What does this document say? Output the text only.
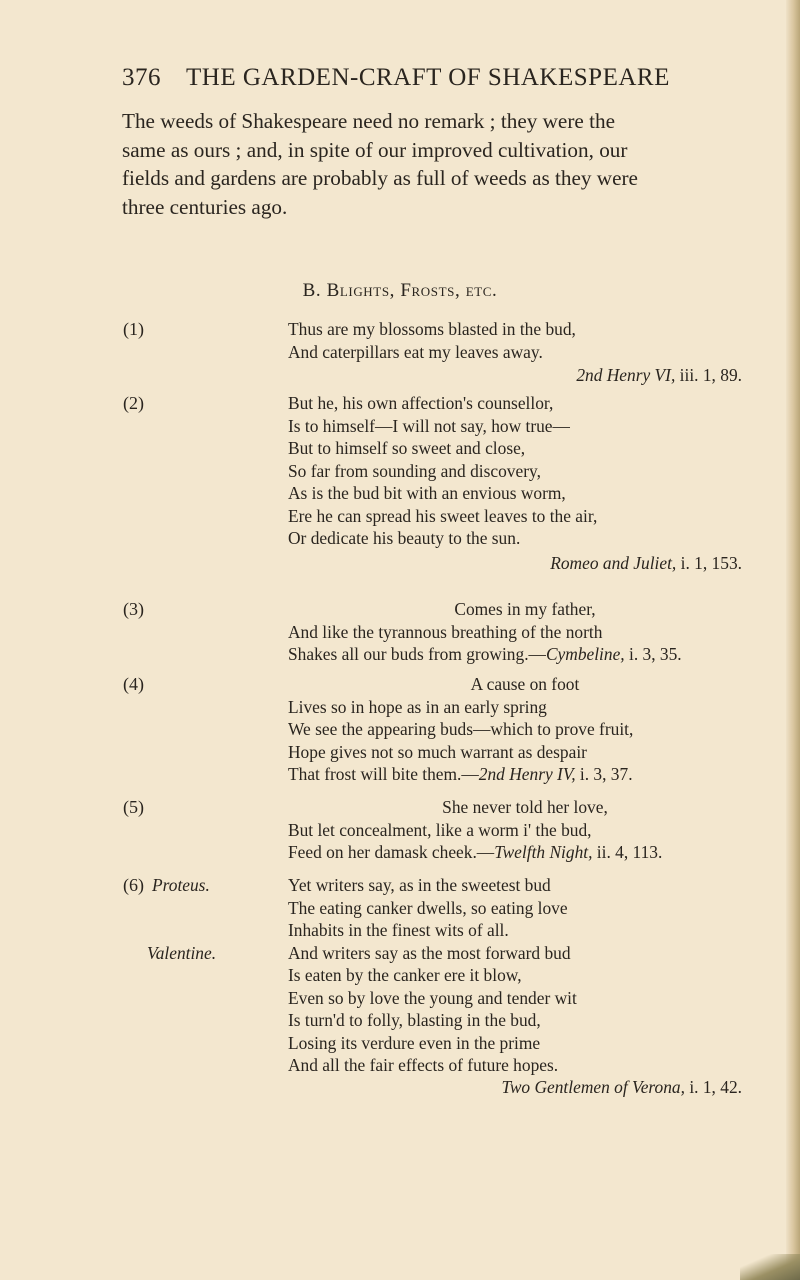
376 THE GARDEN-CRAFT OF SHAKESPEARE
The weeds of Shakespeare need no remark ; they were the
same as ours ; and, in spite of our improved cultivation, our
fields and gardens are probably as full of weeds as they were
three centuries ago.
B. Blights, Frosts, etc.
(1)	Thus are my blossoms blasted in the bud,
And caterpillars eat my leaves away.
2nd Henry VI, iii. 1, 89.
(2)	But he, his own affection's counsellor,
Is to himself—I will not say, how true—
But to himself so sweet and close,
So far from sounding and discovery,
As is the bud bit with an envious worm,
Ere he can spread his sweet leaves to the air,
Or dedicate his beauty to the sun.
Romeo and Juliet, i. 1, 153.
(3)	Comes in my father,
And like the tyrannous breathing of the north
Shakes all our buds from growing.—Cymbeline, i. 3, 35.
(4)	A cause on foot
Lives so in hope as in an early spring
We see the appearing buds—which to prove fruit,
Hope gives not so much warrant as despair
That frost will bite them.—2nd Henry IV, i. 3, 37.
(5)	She never told her love,
But let concealment, like a worm i' the bud,
Feed on her damask cheek.—Twelfth Night, ii. 4, 113.
(6) Proteus.
Valentine.
Yet writers say, as in the sweetest bud
The eating canker dwells, so eating love
Inhabits in the finest wits of all.
And writers say as the most forward bud
Is eaten by the canker ere it blow,
Even so by love the young and tender wit
Is turn'd to folly, blasting in the bud,
Losing its verdure even in the prime
And all the fair effects of future hopes.
Two Gentlemen of Verona, i. 1, 42.
